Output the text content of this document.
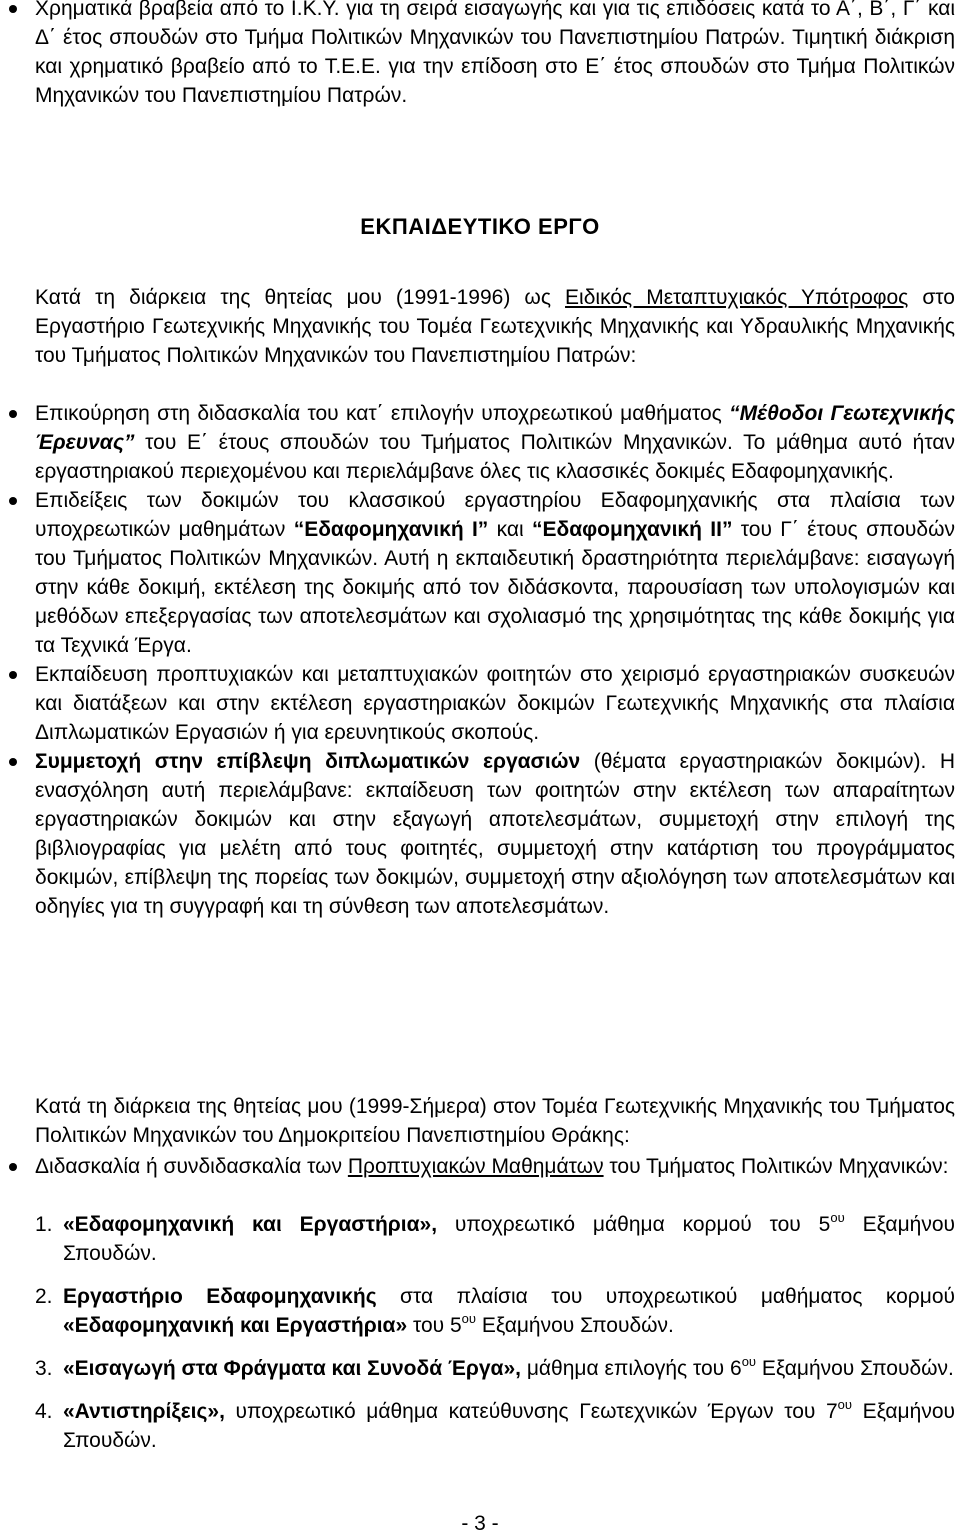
Χρηματικά βραβεία από το Ι.Κ.Υ. για τη σειρά εισαγωγής και για τις επιδόσεις κατά το Α΄, Β΄, Γ΄ και Δ΄ έτος σπουδών στο Τμήμα Πολιτικών Μηχανικών του Πανεπιστημίου Πατρών. Τιμητική διάκριση και χρηματικό βραβείο από το Τ.Ε.Ε. για την επίδοση στο Ε΄ έτος σπουδών στο Τμήμα Πολιτικών Μηχανικών του Πανεπιστημίου Πατρών.

ΕΚΠΑΙΔΕΥΤΙΚΟ ΕΡΓΟ

Κατά τη διάρκεια της θητείας μου (1991-1996) ως Ειδικός Μεταπτυχιακός Υπότροφος στο Εργαστήριο Γεωτεχνικής Μηχανικής του Τομέα Γεωτεχνικής Μηχανικής και Υδραυλικής Μηχανικής του Τμήματος Πολιτικών Μηχανικών του Πανεπιστημίου Πατρών:

Επικούρηση στη διδασκαλία του κατ΄ επιλογήν υποχρεωτικού μαθήματος “Μέθοδοι Γεωτεχνικής Έρευνας” του Ε΄ έτους σπουδών του Τμήματος Πολιτικών Μηχανικών. Το μάθημα αυτό ήταν εργαστηριακού περιεχομένου και περιελάμβανε όλες τις κλασσικές δοκιμές Εδαφομηχανικής.

Επιδείξεις των δοκιμών του κλασσικού εργαστηρίου Εδαφομηχανικής στα πλαίσια των υποχρεωτικών μαθημάτων “Εδαφομηχανική Ι” και “Εδαφομηχανική ΙΙ” του Γ΄ έτους σπουδών του Τμήματος Πολιτικών Μηχανικών. Αυτή η εκπαιδευτική δραστηριότητα περιελάμβανε: εισαγωγή στην κάθε δοκιμή, εκτέλεση της δοκιμής από τον διδάσκοντα, παρουσίαση των υπολογισμών και μεθόδων επεξεργασίας των αποτελεσμάτων και σχολιασμό της χρησιμότητας της κάθε δοκιμής για τα Τεχνικά Έργα.

Εκπαίδευση προπτυχιακών και μεταπτυχιακών φοιτητών στο χειρισμό εργαστηριακών συσκευών και διατάξεων και στην εκτέλεση εργαστηριακών δοκιμών Γεωτεχνικής Μηχανικής στα πλαίσια Διπλωματικών Εργασιών ή για ερευνητικούς σκοπούς.

Συμμετοχή στην επίβλεψη διπλωματικών εργασιών (θέματα εργαστηριακών δοκιμών). Η ενασχόληση αυτή περιελάμβανε: εκπαίδευση των φοιτητών στην εκτέλεση των απαραίτητων εργαστηριακών δοκιμών και στην εξαγωγή αποτελεσμάτων, συμμετοχή στην επιλογή της βιβλιογραφίας για μελέτη από τους φοιτητές, συμμετοχή στην κατάρτιση του προγράμματος δοκιμών, επίβλεψη της πορείας των δοκιμών, συμμετοχή στην αξιολόγηση των αποτελεσμάτων και οδηγίες για τη συγγραφή και τη σύνθεση των αποτελεσμάτων.

Κατά τη διάρκεια της θητείας μου (1999-Σήμερα) στον Τομέα Γεωτεχνικής Μηχανικής του Τμήματος Πολιτικών Μηχανικών του Δημοκριτείου Πανεπιστημίου Θράκης:

Διδασκαλία ή συνδιδασκαλία των Προπτυχιακών Μαθημάτων του Τμήματος Πολιτικών Μηχανικών:

1. «Εδαφομηχανική και Εργαστήρια», υποχρεωτικό μάθημα κορμού του $5^{o\upsilon}$ Εξαμήνου Σπουδών.
2. Εργαστήριο Εδαφομηχανικής στα πλαίσια του υποχρεωτικού μαθήματος κορμού «Εδαφομηχανική και Εργαστήρια» του $5^{o\upsilon}$ Εξαμήνου Σπουδών.
3. «Εισαγωγή στα Φράγματα και Συνοδά Έργα», μάθημα επιλογής του $6^{o\upsilon}$ Εξαμήνου Σπουδών.
4. «Αντιστηρίξεις», υποχρεωτικό μάθημα κατεύθυνσης Γεωτεχνικών Έργων του $7^{o\upsilon}$ Εξαμήνου Σπουδών.
- 3 -
